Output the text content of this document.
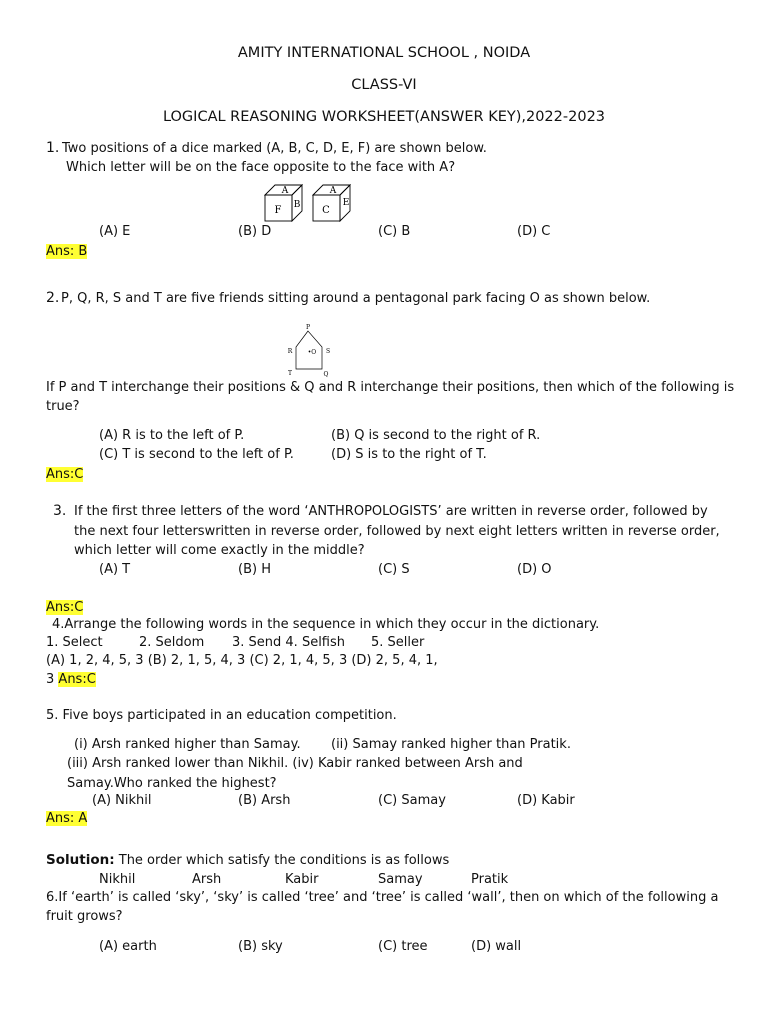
AMITY INTERNATIONAL SCHOOL , NOIDA
CLASS-VI
LOGICAL REASONING WORKSHEET(ANSWER KEY),2022-2023
1. Two positions of a dice marked (A, B, C, D, E, F) are shown below.
Which letter will be on the face opposite to the face with A?
A
F B
A
C
E
(A) E	(B) D	(C) B	(D) C
Ans: B
2. P, Q, R, S and T are five friends sitting around a pentagonal park facing O as shown below.
P
R	•O S
T	Q
If P and T interchange their positions & Q and R interchange their positions, then which of the following is
true?
(A) R is to the left of P.	(B) Q is second to the right of R.
(C) T is second to the left of P.	(D) S is to the right of T.
Ans:C
3. If the first three letters of the word ‘ANTHROPOLOGISTS’ are written in reverse order, followed by
the next four letterswritten in reverse order, followed by next eight letters written in reverse order,
which letter will come exactly in the middle?
(A) T	(B) H	(C) S	(D) O
Ans:C
4.Arrange the following words in the sequence in which they occur in the dictionary.
1. Select	2. Seldom 3. Send 4. Selfish 5. Seller
(A) 1, 2, 4, 5, 3 (B) 2, 1, 5, 4, 3 (C) 2, 1, 4, 5, 3 (D) 2, 5, 4, 1,
3 Ans:C
5. Five boys participated in an education competition.
(i) Arsh ranked higher than Samay. (ii) Samay ranked higher than Pratik.
(iii) Arsh ranked lower than Nikhil. (iv) Kabir ranked between Arsh and
Samay.Who ranked the highest?
(A) Nikhil	(B) Arsh	(C) Samay	(D) Kabir
Ans: A
Solution: The order which satisfy the conditions is as follows
Nikhil	Arsh	Kabir	Samay	Pratik
6.If ‘earth’ is called ‘sky’, ‘sky’ is called ‘tree’ and ‘tree’ is called ‘wall’, then on which of the following a
fruit grows?
(A) earth	(B) sky	(C) tree	(D) wall
